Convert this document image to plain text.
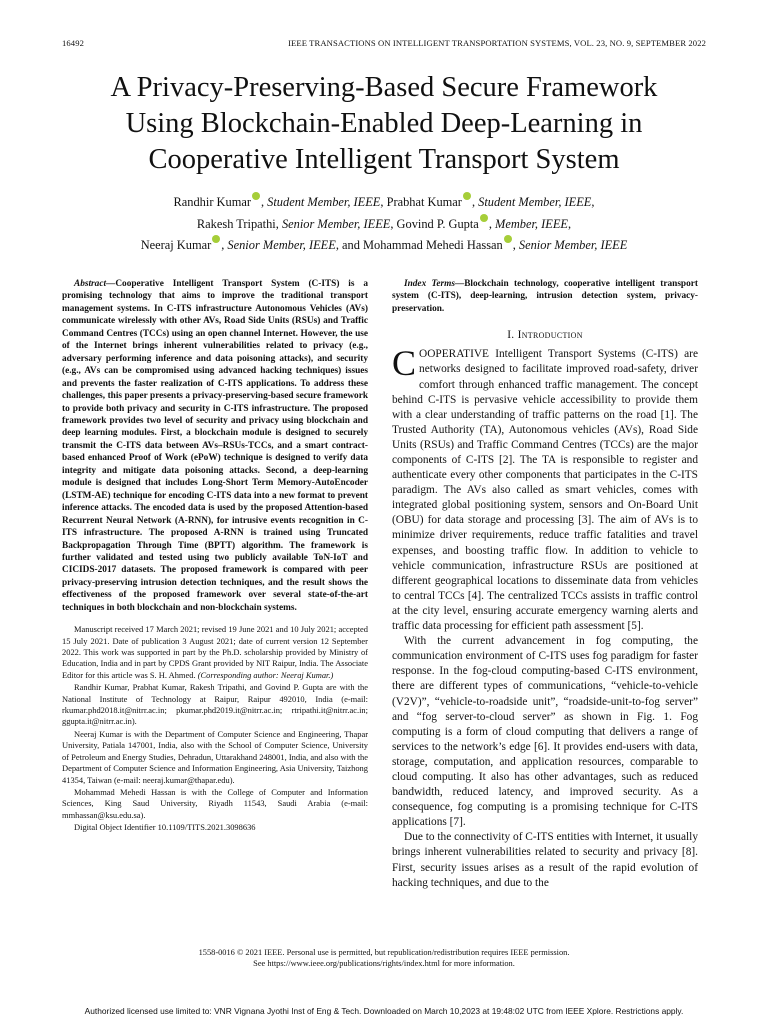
16492	IEEE TRANSACTIONS ON INTELLIGENT TRANSPORTATION SYSTEMS, VOL. 23, NO. 9, SEPTEMBER 2022
A Privacy-Preserving-Based Secure Framework
Using Blockchain-Enabled Deep-Learning in
Cooperative Intelligent Transport System
Randhir Kumar , Student Member, IEEE, Prabhat Kumar , Student Member, IEEE,
Rakesh Tripathi, Senior Member, IEEE, Govind P. Gupta , Member, IEEE,
Neeraj Kumar , Senior Member, IEEE, and Mohammad Mehedi Hassan , Senior Member, IEEE

Abstract—Cooperative Intelligent Transport System (C-ITS) is a promising technology that aims to improve the traditional transport management systems. In C-ITS infrastructure Autonomous Vehicles (AVs) communicate wirelessly with other AVs, Road Side Units (RSUs) and Traffic Command Centres (TCCs) using an open channel Internet. However, the use of the Internet brings inherent vulnerabilities related to privacy (e.g., adversary performing inference and data poisoning attacks), and security (e.g., AVs can be compromised using advanced hacking techniques) issues and prevents the faster realization of C-ITS applications. To address these challenges, this paper presents a privacy-preserving-based secure framework to provide both privacy and security in C-ITS infrastructure. The proposed framework provides two level of security and privacy using blockchain and deep learning modules. First, a blockchain module is designed to securely transmit the C-ITS data between AVs–RSUs-TCCs, and a smart contract-based enhanced Proof of Work (ePoW) technique is designed to verify data integrity and mitigate data poisoning attacks. Second, a deep-learning module is designed that includes Long-Short Term Memory-AutoEncoder (LSTM-AE) technique for encoding C-ITS data into a new format to prevent inference attacks. The encoded data is used by the proposed Attention-based Recurrent Neural Network (A-RNN), for intrusive events recognition in C-ITS infrastructure. The proposed A-RNN is trained using Truncated Backpropagation Through Time (BPTT) algorithm. The framework is further validated and tested using two publicly available ToN-IoT and CICIDS-2017 datasets. The proposed framework is compared with peer privacy-preserving intrusion detection techniques, and the result shows the effectiveness of the proposed framework over several state-of-the-art techniques in both blockchain and non-blockchain systems.

Manuscript received 17 March 2021; revised 19 June 2021 and 10 July 2021; accepted 15 July 2021. Date of publication 3 August 2021; date of current version 12 September 2022. This work was supported in part by the Ph.D. scholarship provided by Ministry of Education, India and in part by CPDS Grant provided by NIT Raipur, India. The Associate Editor for this article was S. H. Ahmed. (Corresponding author: Neeraj Kumar.)

Randhir Kumar, Prabhat Kumar, Rakesh Tripathi, and Govind P. Gupta are with the National Institute of Technology at Raipur, Raipur 492010, India (e-mail: rkumar.phd2018.it@nitrr.ac.in; pkumar.phd2019.it@nitrr.ac.in; rtripathi.it@nitrr.ac.in; ggupta.it@nitrr.ac.in).

Neeraj Kumar is with the Department of Computer Science and Engineering, Thapar University, Patiala 147001, India, also with the School of Computer Science, University of Petroleum and Energy Studies, Dehradun, Uttarakhand 248001, India, and also with the Department of Computer Science and Information Engineering, Asia University, Taizhong 41354, Taiwan (e-mail: neeraj.kumar@thapar.edu).

Mohammad Mehedi Hassan is with the College of Computer and Information Sciences, King Saud University, Riyadh 11543, Saudi Arabia (e-mail: mmhassan@ksu.edu.sa).

Digital Object Identifier 10.1109/TITS.2021.3098636

Index Terms—Blockchain technology, cooperative intelligent transport system (C-ITS), deep-learning, intrusion detection system, privacy-preservation.

I. Introduction

COOPERATIVE Intelligent Transport Systems (C-ITS) are networks designed to facilitate improved road-safety, driver comfort through enhanced traffic management. The concept behind C-ITS is pervasive vehicle accessibility to provide them with a clear understanding of traffic patterns on the road [1]. The Trusted Authority (TA), Autonomous vehicles (AVs), Road Side Units (RSUs) and Traffic Command Centres (TCCs) are the major components of C-ITS [2]. The TA is responsible to register and authenticate every other components that participates in the C-ITS paradigm. The AVs also called as smart vehicles, comes with integrated global positioning system, sensors and On-Board Unit (OBU) for data storage and processing [3]. The aim of AVs is to minimize driver requirements, reduce traffic fatalities and travel expenses, and boosting traffic flow. In addition to vehicle to vehicle communication, infrastructure RSUs are positioned at different geographical locations to disseminate data from vehicles to central TCCs [4]. The centralized TCCs assists in traffic control at the city level, ensuring accurate emergency warning alerts and traffic data processing for efficient path assessment [5].

With the current advancement in fog computing, the communication environment of C-ITS uses fog paradigm for faster response. In the fog-cloud computing-based C-ITS environment, there are different types of communications, “vehicle-to-vehicle (V2V)”, “vehicle-to-roadside unit”, “roadside-unit-to-fog server” and “fog server-to-cloud server” as shown in Fig. 1. Fog computing is a form of cloud computing that delivers a range of services to the network’s edge [6]. It provides end-users with data, storage, computation, and application resources, comparable to cloud computing. It also has other advantages, such as reduced bandwidth, reduced latency, and improved security. As a consequence, fog computing is a promising technique for C-ITS applications [7].

Due to the connectivity of C-ITS entities with Internet, it usually brings inherent vulnerabilities related to security and privacy [8]. First, security issues arises as a result of the rapid evolution of hacking techniques, and due to the

1558-0016 © 2021 IEEE. Personal use is permitted, but republication/redistribution requires IEEE permission.
See https://www.ieee.org/publications/rights/index.html for more information.
Authorized licensed use limited to: VNR Vignana Jyothi Inst of Eng & Tech. Downloaded on March 10,2023 at 19:48:02 UTC from IEEE Xplore. Restrictions apply.
